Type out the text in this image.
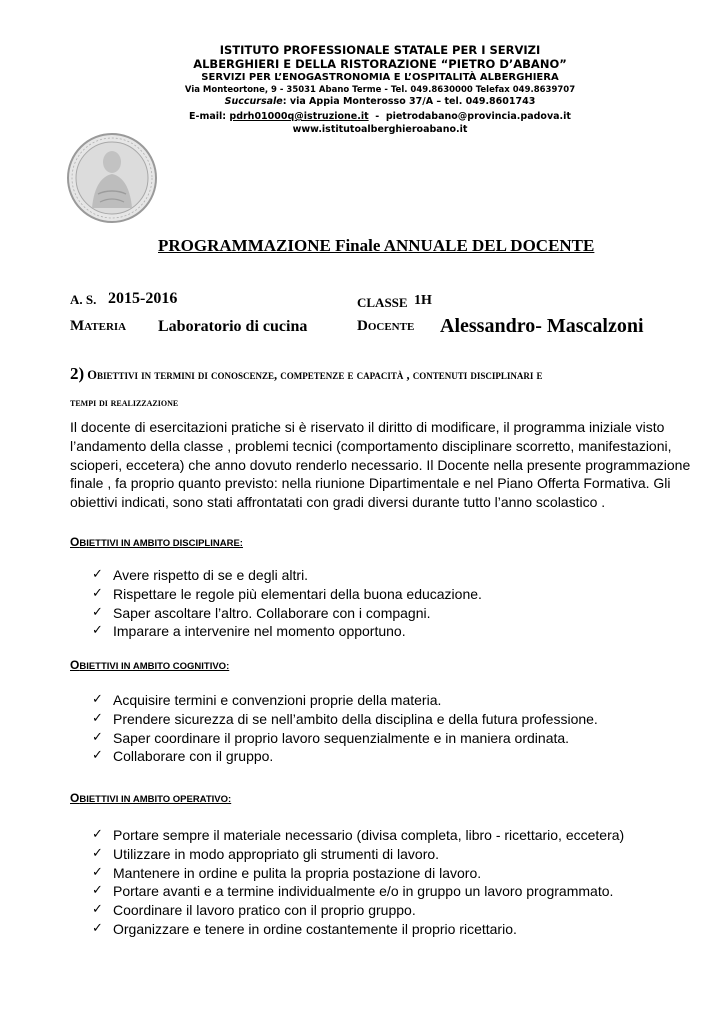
ISTITUTO PROFESSIONALE STATALE PER I SERVIZI
ALBERGHIERI E DELLA RISTORAZIONE “PIETRO D’ABANO”
SERVIZI PER L’ENOGASTRONOMIA E L’OSPITALITÀ ALBERGHIERA
Via Monteortone, 9 - 35031 Abano Terme - Tel. 049.8630000 Telefax 049.8639707
Succursale: via Appia Monterosso 37/A – tel. 049.8601743
E-mail: pdrh01000q@istruzione.it  -  pietrodabano@provincia.padova.it
www.istitutoalberghieroabano.it
PROGRAMMAZIONE Finale ANNUALE DEL DOCENTE
A. S. 2015-2016	CLASSE 1H
Materia Laboratorio di cucina	Docente Alessandro- Mascalzoni
2) Obiettivi in termini di conoscenze, competenze e capacità , contenuti disciplinari e
tempi di realizzazione
Il docente di esercitazioni pratiche si è riservato il diritto di modificare, il programma iniziale visto
l’andamento della classe , problemi tecnici (comportamento disciplinare scorretto, manifestazioni,
scioperi, eccetera) che anno dovuto renderlo necessario. Il Docente nella presente programmazione
finale , fa proprio quanto previsto: nella riunione Dipartimentale e nel Piano Offerta Formativa. Gli
obiettivi indicati, sono stati affrontatati con gradi diversi durante tutto l’anno scolastico .
OBIETTIVI IN AMBITO DISCIPLINARE:
✓ Avere rispetto di se e degli altri.
✓ Rispettare le regole più elementari della buona educazione.
✓ Saper ascoltare l’altro. Collaborare con i compagni.
✓ Imparare a intervenire nel momento opportuno.
OBIETTIVI IN AMBITO COGNITIVO:
✓ Acquisire termini e convenzioni proprie della materia.
✓ Prendere sicurezza di se nell’ambito della disciplina e della futura professione.
✓ Saper coordinare il proprio lavoro sequenzialmente e in maniera ordinata.
✓ Collaborare con il gruppo.
OBIETTIVI IN AMBITO OPERATIVO:
✓ Portare sempre il materiale necessario (divisa completa, libro - ricettario, eccetera)
✓ Utilizzare in modo appropriato gli strumenti di lavoro.
✓ Mantenere in ordine e pulita la propria postazione di lavoro.
✓ Portare avanti e a termine individualmente e/o in gruppo un lavoro programmato.
✓ Coordinare il lavoro pratico con il proprio gruppo.
✓ Organizzare e tenere in ordine costantemente il proprio ricettario.
